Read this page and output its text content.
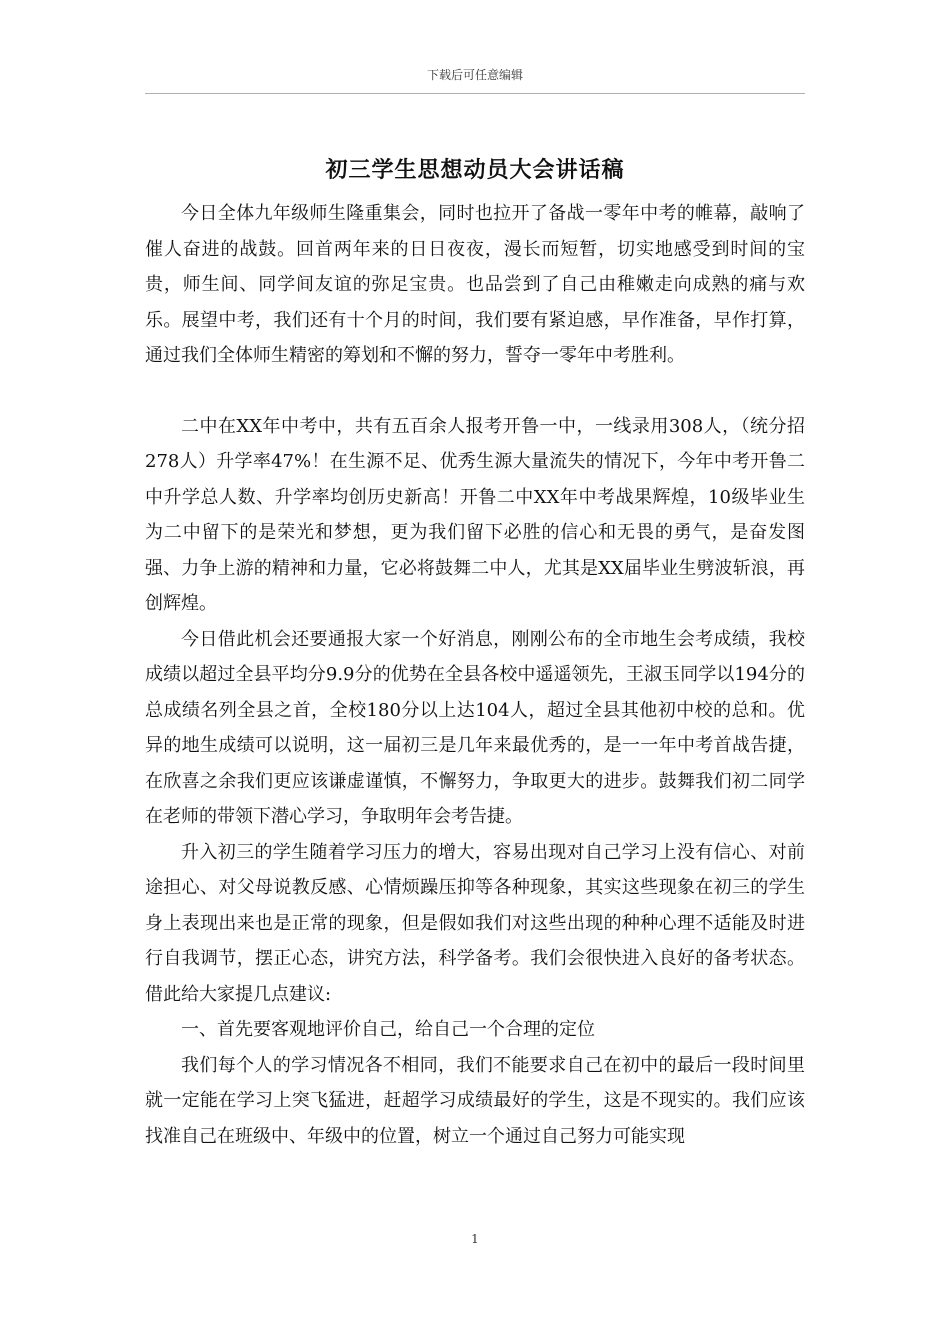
下载后可任意编辑
初三学生思想动员大会讲话稿

今日全体九年级师生隆重集会，同时也拉开了备战一零年中考的帷幕，敲响了催人奋进的战鼓。回首两年来的日日夜夜，漫长而短暂，切实地感受到时间的宝贵，师生间、同学间友谊的弥足宝贵。也品尝到了自己由稚嫩走向成熟的痛与欢乐。展望中考，我们还有十个月的时间，我们要有紧迫感，早作准备，早作打算，通过我们全体师生精密的筹划和不懈的努力，誓夺一零年中考胜利。

二中在XX年中考中，共有五百余人报考开鲁一中，一线录用308人，（统分招278人）升学率47%！在生源不足、优秀生源大量流失的情况下，今年中考开鲁二中升学总人数、升学率均创历史新高！开鲁二中XX年中考战果辉煌，10级毕业生为二中留下的是荣光和梦想，更为我们留下必胜的信心和无畏的勇气，是奋发图强、力争上游的精神和力量，它必将鼓舞二中人，尤其是XX届毕业生劈波斩浪，再创辉煌。

今日借此机会还要通报大家一个好消息，刚刚公布的全市地生会考成绩，我校成绩以超过全县平均分9.9分的优势在全县各校中遥遥领先，王淑玉同学以194分的总成绩名列全县之首，全校180分以上达104人，超过全县其他初中校的总和。优异的地生成绩可以说明，这一届初三是几年来最优秀的，是一一年中考首战告捷，在欣喜之余我们更应该谦虚谨慎，不懈努力，争取更大的进步。鼓舞我们初二同学在老师的带领下潜心学习，争取明年会考告捷。

升入初三的学生随着学习压力的增大，容易出现对自己学习上没有信心、对前途担心、对父母说教反感、心情烦躁压抑等各种现象，其实这些现象在初三的学生身上表现出来也是正常的现象，但是假如我们对这些出现的种种心理不适能及时进行自我调节，摆正心态，讲究方法，科学备考。我们会很快进入良好的备考状态。借此给大家提几点建议:

一、首先要客观地评价自己，给自己一个合理的定位

我们每个人的学习情况各不相同，我们不能要求自己在初中的最后一段时间里就一定能在学习上突飞猛进，赶超学习成绩最好的学生，这是不现实的。我们应该找准自己在班级中、年级中的位置，树立一个通过自己努力可能实现

1
